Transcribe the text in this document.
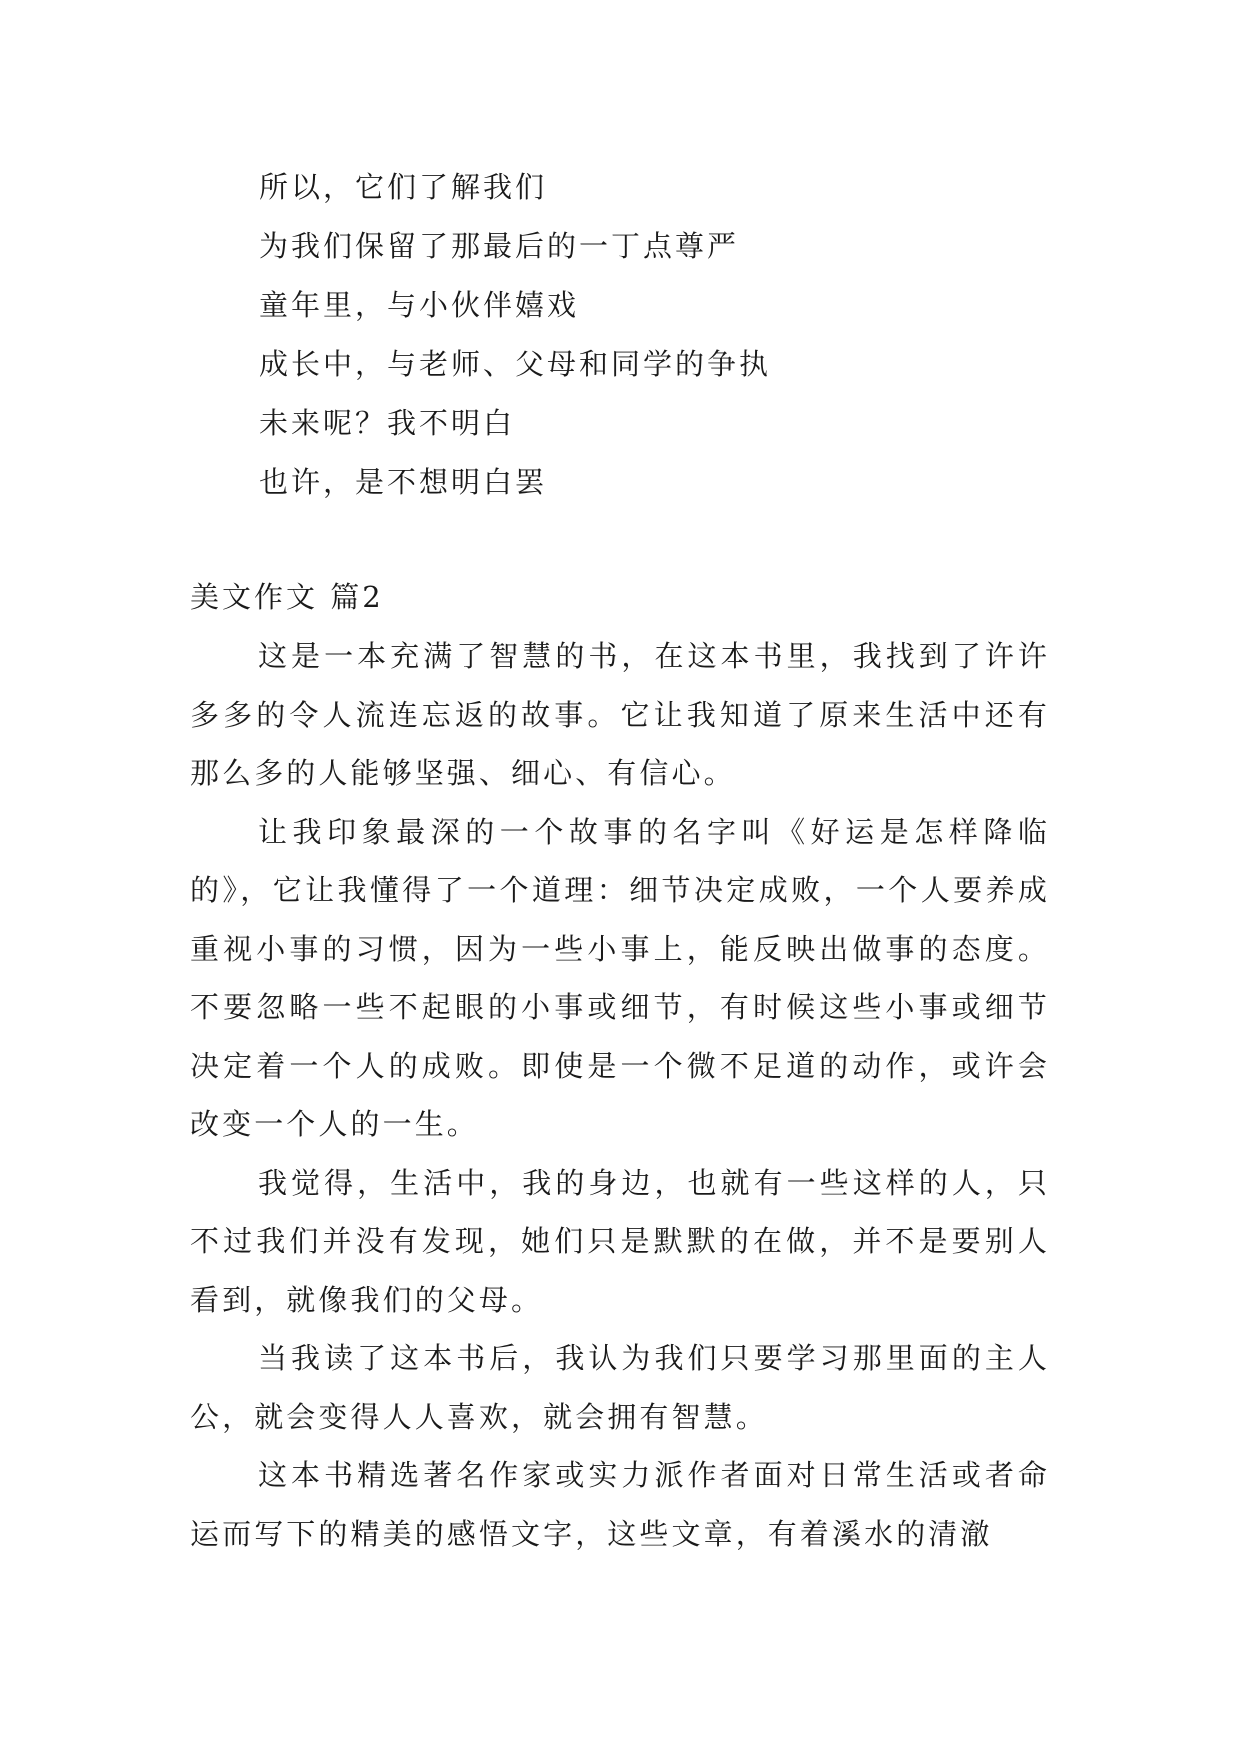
所以，它们了解我们
为我们保留了那最后的一丁点尊严
童年里，与小伙伴嬉戏
成长中，与老师、父母和同学的争执
未来呢？我不明白
也许，是不想明白罢
美文作文 篇2

这是一本充满了智慧的书，在这本书里，我找到了许许多多的令人流连忘返的故事。它让我知道了原来生活中还有那么多的人能够坚强、细心、有信心。

让我印象最深的一个故事的名字叫《好运是怎样降临的》，它让我懂得了一个道理：细节决定成败，一个人要养成重视小事的习惯，因为一些小事上，能反映出做事的态度。不要忽略一些不起眼的小事或细节，有时候这些小事或细节决定着一个人的成败。即使是一个微不足道的动作，或许会改变一个人的一生。

我觉得，生活中，我的身边，也就有一些这样的人，只不过我们并没有发现，她们只是默默的在做，并不是要别人看到，就像我们的父母。

当我读了这本书后，我认为我们只要学习那里面的主人公，就会变得人人喜欢，就会拥有智慧。

这本书精选著名作家或实力派作者面对日常生活或者命运而写下的精美的感悟文字，这些文章，有着溪水的清澈
